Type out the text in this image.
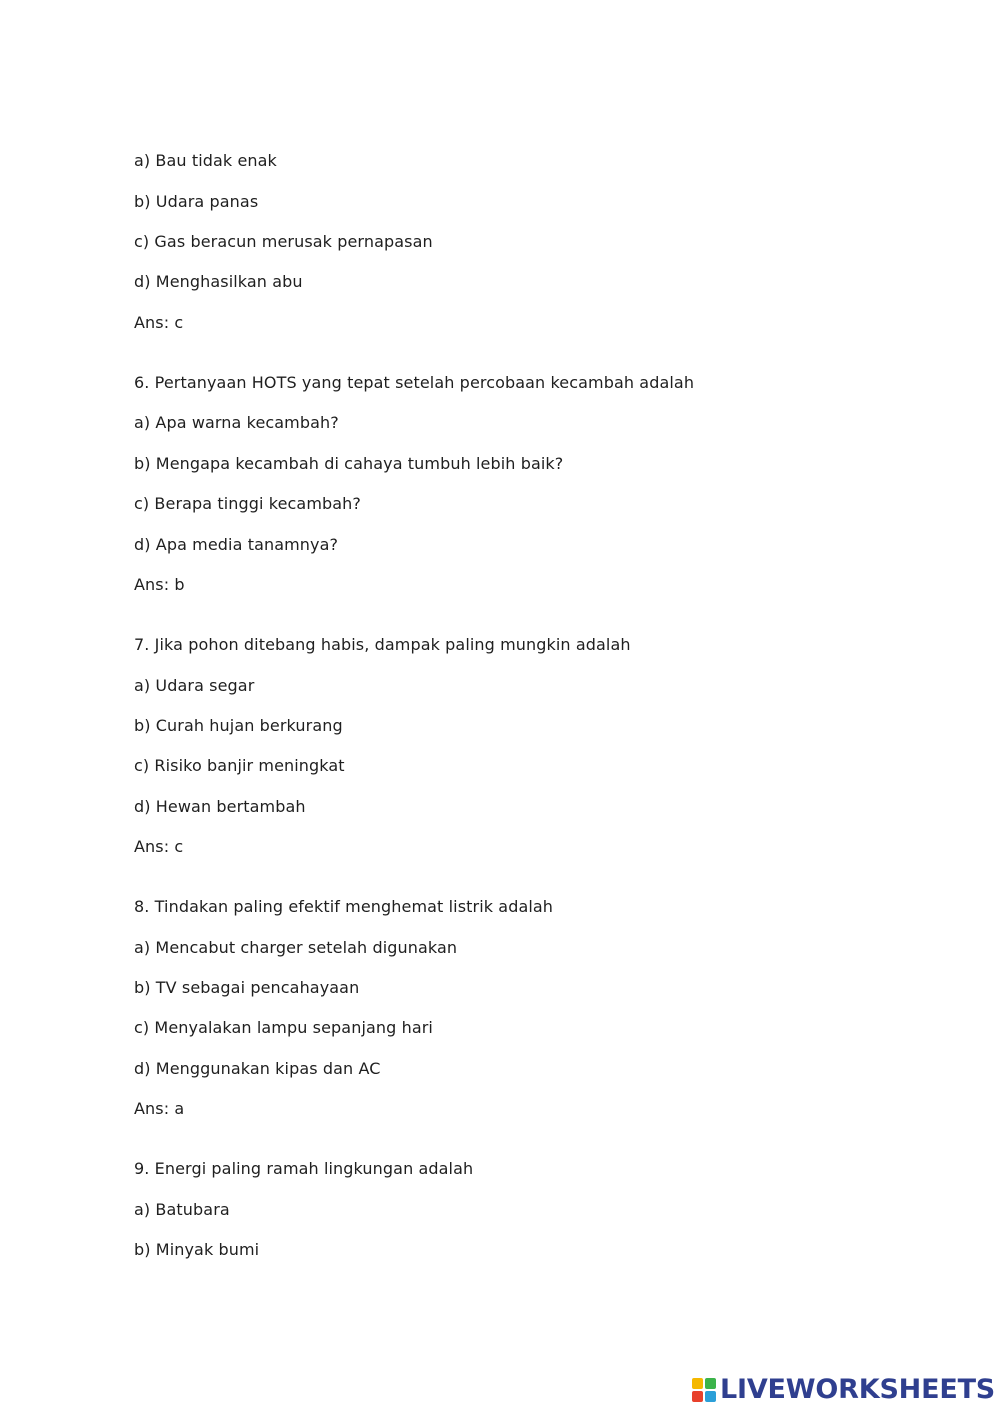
a) Bau tidak enak
b) Udara panas
c) Gas beracun merusak pernapasan
d) Menghasilkan abu
Ans: c
6. Pertanyaan HOTS yang tepat setelah percobaan kecambah adalah
a) Apa warna kecambah?
b) Mengapa kecambah di cahaya tumbuh lebih baik?
c) Berapa tinggi kecambah?
d) Apa media tanamnya?
Ans: b
7. Jika pohon ditebang habis, dampak paling mungkin adalah
a) Udara segar
b) Curah hujan berkurang
c) Risiko banjir meningkat
d) Hewan bertambah
Ans: c
8. Tindakan paling efektif menghemat listrik adalah
a) Mencabut charger setelah digunakan
b) TV sebagai pencahayaan
c) Menyalakan lampu sepanjang hari
d) Menggunakan kipas dan AC
Ans: a
9. Energi paling ramah lingkungan adalah
a) Batubara
b) Minyak bumi
LIVEWORKSHEETS
